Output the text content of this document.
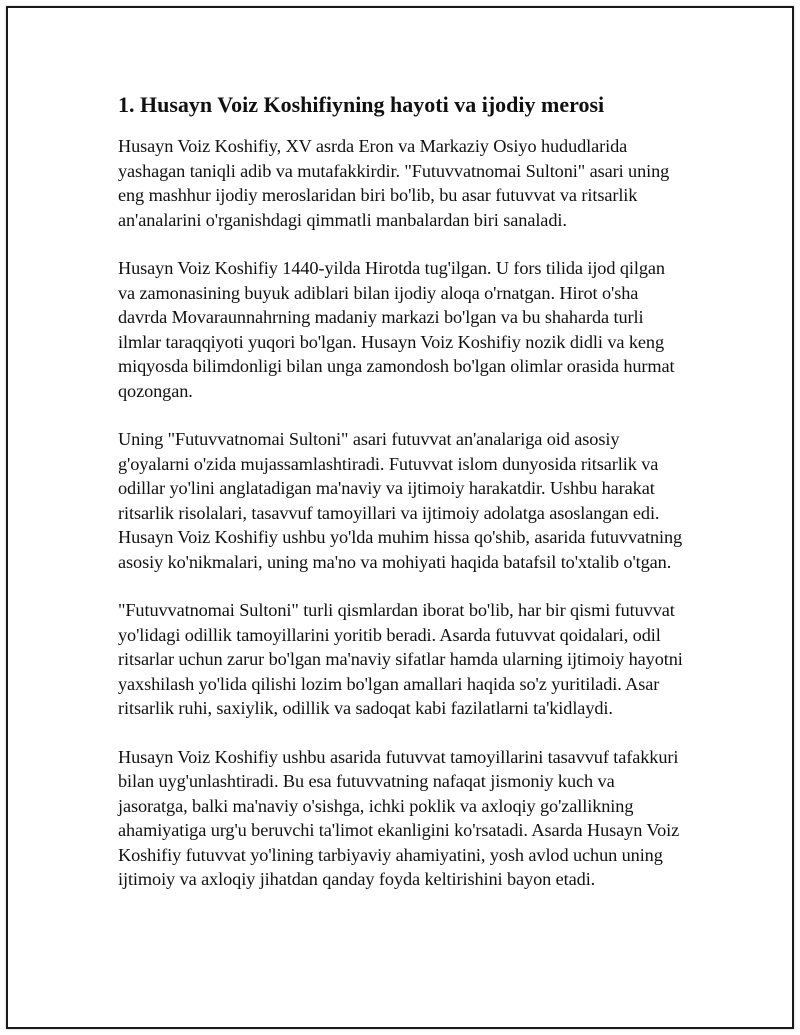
1. Husayn Voiz Koshifiyning hayoti va ijodiy merosi

Husayn Voiz Koshifiy, XV asrda Eron va Markaziy Osiyo hududlarida yashagan taniqli adib va mutafakkirdir. "Futuvvatnomai Sultoni" asari uning eng mashhur ijodiy meroslaridan biri bo'lib, bu asar futuvvat va ritsarlik an'analarini o'rganishdagi qimmatli manbalardan biri sanaladi.

Husayn Voiz Koshifiy 1440-yilda Hirotda tug'ilgan. U fors tilida ijod qilgan va zamonasining buyuk adiblari bilan ijodiy aloqa o'rnatgan. Hirot o'sha davrda Movaraunnahrning madaniy markazi bo'lgan va bu shaharda turli ilmlar taraqqiyoti yuqori bo'lgan. Husayn Voiz Koshifiy nozik didli va keng miqyosda bilimdonligi bilan unga zamondosh bo'lgan olimlar orasida hurmat qozongan.

Uning "Futuvvatnomai Sultoni" asari futuvvat an'analariga oid asosiy g'oyalarni o'zida mujassamlashtiradi. Futuvvat islom dunyosida ritsarlik va odillar yo'lini anglatadigan ma'naviy va ijtimoiy harakatdir. Ushbu harakat ritsarlik risolalari, tasavvuf tamoyillari va ijtimoiy adolatga asoslangan edi. Husayn Voiz Koshifiy ushbu yo'lda muhim hissa qo'shib, asarida futuvvatning asosiy ko'nikmalari, uning ma'no va mohiyati haqida batafsil to'xtalib o'tgan.

"Futuvvatnomai Sultoni" turli qismlardan iborat bo'lib, har bir qismi futuvvat yo'lidagi odillik tamoyillarini yoritib beradi. Asarda futuvvat qoidalari, odil ritsarlar uchun zarur bo'lgan ma'naviy sifatlar hamda ularning ijtimoiy hayotni yaxshilash yo'lida qilishi lozim bo'lgan amallari haqida so'z yuritiladi. Asar ritsarlik ruhi, saxiylik, odillik va sadoqat kabi fazilatlarni ta'kidlaydi.

Husayn Voiz Koshifiy ushbu asarida futuvvat tamoyillarini tasavvuf tafakkuri bilan uyg'unlashtiradi. Bu esa futuvvatning nafaqat jismoniy kuch va jasoratga, balki ma'naviy o'sishga, ichki poklik va axloqiy go'zallikning ahamiyatiga urg'u beruvchi ta'limot ekanligini ko'rsatadi. Asarda Husayn Voiz Koshifiy futuvvat yo'lining tarbiyaviy ahamiyatini, yosh avlod uchun uning ijtimoiy va axloqiy jihatdan qanday foyda keltirishini bayon etadi.
